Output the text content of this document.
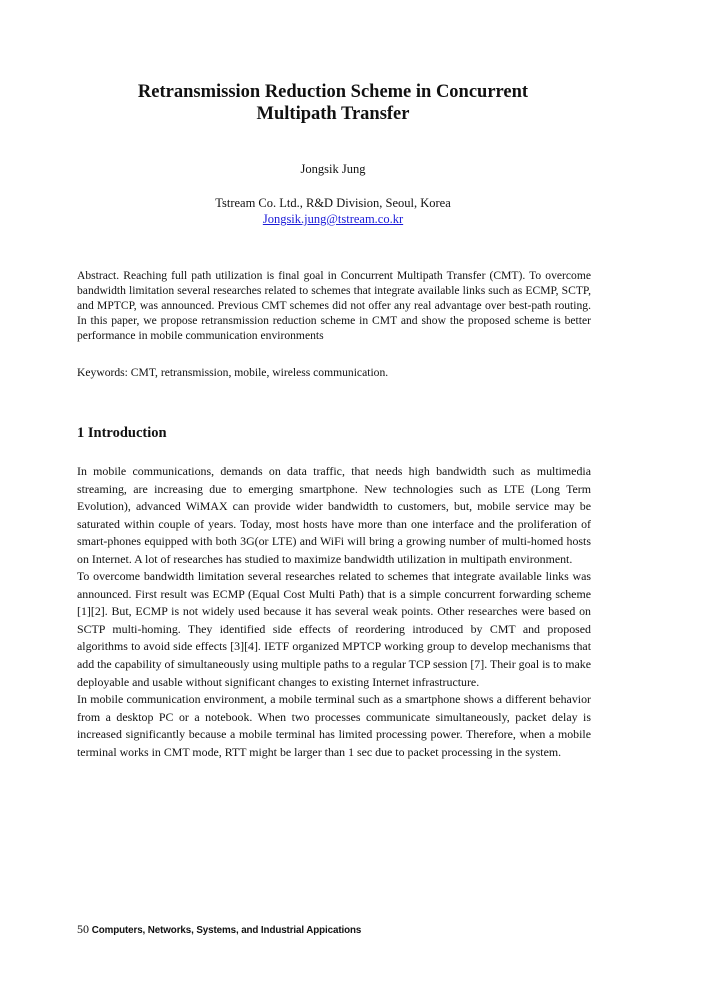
Retransmission Reduction Scheme in Concurrent
Multipath Transfer
Jongsik Jung
Tstream Co. Ltd., R&D Division, Seoul, Korea
Jongsik.jung@tstream.co.kr

Abstract. Reaching full path utilization is final goal in Concurrent Multipath Transfer (CMT). To overcome bandwidth limitation several researches related to schemes that integrate available links such as ECMP, SCTP, and MPTCP, was announced. Previous CMT schemes did not offer any real advantage over best-path routing. In this paper, we propose retransmission reduction scheme in CMT and show the proposed scheme is better performance in mobile communication environments

Keywords: CMT, retransmission, mobile, wireless communication.

1 Introduction

In mobile communications, demands on data traffic, that needs high bandwidth such as multimedia streaming, are increasing due to emerging smartphone. New technologies such as LTE (Long Term Evolution), advanced WiMAX can provide wider bandwidth to customers, but, mobile service may be saturated within couple of years. Today, most hosts have more than one interface and the proliferation of smart-phones equipped with both 3G(or LTE) and WiFi will bring a growing number of multi-homed hosts on Internet. A lot of researches has studied to maximize bandwidth utilization in multipath environment.

To overcome bandwidth limitation several researches related to schemes that integrate available links was announced. First result was ECMP (Equal Cost Multi Path) that is a simple concurrent forwarding scheme [1][2]. But, ECMP is not widely used because it has several weak points. Other researches were based on SCTP multi-homing. They identified side effects of reordering introduced by CMT and proposed algorithms to avoid side effects [3][4]. IETF organized MPTCP working group to develop mechanisms that add the capability of simultaneously using multiple paths to a regular TCP session [7]. Their goal is to make deployable and usable without significant changes to existing Internet infrastructure.

In mobile communication environment, a mobile terminal such as a smartphone shows a different behavior from a desktop PC or a notebook. When two processes communicate simultaneously, packet delay is increased significantly because a mobile terminal has limited processing power. Therefore, when a mobile terminal works in CMT mode, RTT might be larger than 1 sec due to packet processing in the system.

50 Computers, Networks, Systems, and Industrial Appications
